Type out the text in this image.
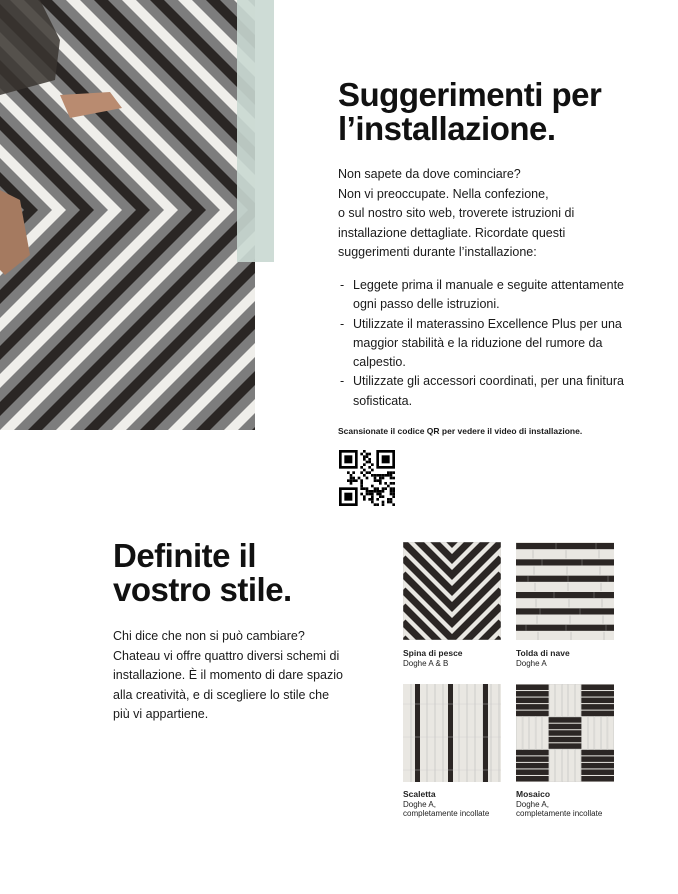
Suggerimenti per
l’installazione.

Non sapete da dove cominciare?
Non vi preoccupate. Nella confezione,
o sul nostro sito web, troverete istruzioni di
installazione dettagliate. Ricordate questi
suggerimenti durante l’installazione:

- Leggete prima il manuale e seguite attentamente ogni passo delle istruzioni.
- Utilizzate il materassino Excellence Plus per una maggior stabilità e la riduzione del rumore da calpestio.
- Utilizzate gli accessori coordinati, per una finitura sofisticata.
Scansionate il codice QR per vedere il video di installazione.
Definite il
vostro stile.

Chi dice che non si può cambiare?
Chateau vi offre quattro diversi schemi di
installazione. È il momento di dare spazio
alla creatività, e di scegliere lo stile che
più vi appartiene.

Spina di pesce
Doghe A & B
Tolda di nave
Doghe A
Scaletta
Doghe A,
completamente incollate
Mosaico
Doghe A,
completamente incollate
